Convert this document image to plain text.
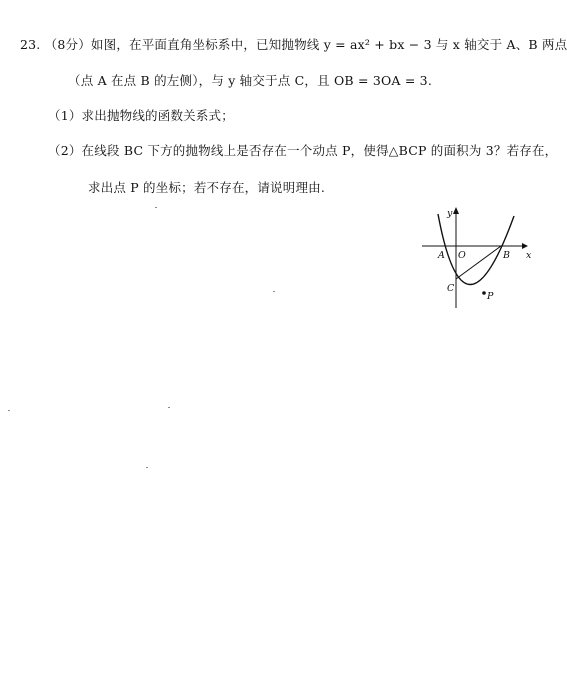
23. （8分）如图，在平面直角坐标系中，已知抛物线 y = ax² + bx − 3 与 x 轴交于 A、B 两点
（点 A 在点 B 的左侧），与 y 轴交于点 C，且 OB = 3OA = 3.
（1）求出抛物线的函数关系式；
（2）在线段 BC 下方的抛物线上是否存在一个动点 P，使得△BCP 的面积为 3？若存在，
求出点 P 的坐标；若不存在，请说明理由.
y
x
A O	B
C
P
